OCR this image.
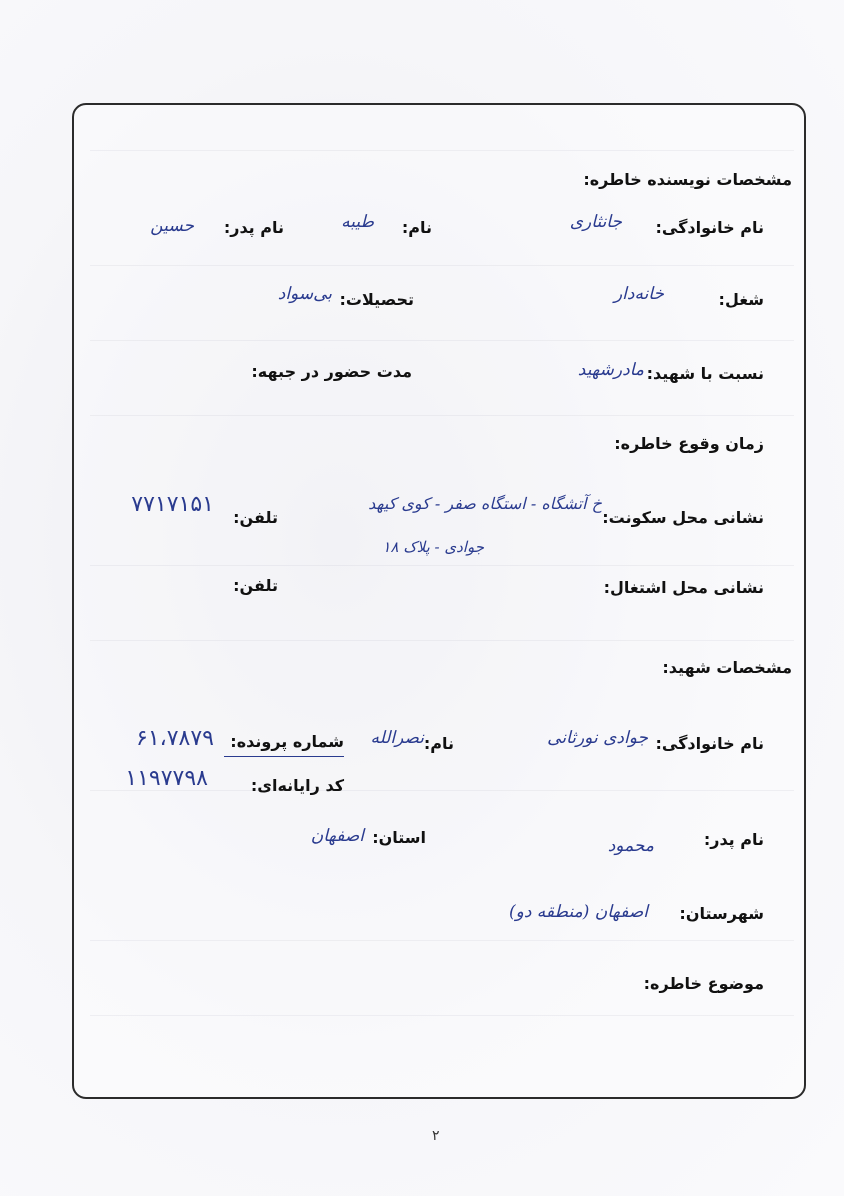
مشخصات نویسنده خاطره:
نام خانوادگی:
جانثاری
نام:
طیبه
نام پدر:
حسین
شغل:
خانه‌دار
تحصیلات:
بی‌سواد
نسبت با شهید:
مادرشهید
مدت حضور در جبهه:
زمان وقوع خاطره:
نشانی محل سکونت:
خ آتشگاه - استگاه صفر - کوی کیهد
جوادی - پلاک ۱۸
تلفن:
۷۷۱۷۱۵۱
نشانی محل اشتغال:
تلفن:
مشخصات شهید:
نام خانوادگی:
جوادی نورثانی
نام:
نصرالله
شماره پرونده:
۶۱،۷۸۷۹
کد رایانه‌ای:
۱۱۹۷۷۹۸
نام پدر:
محمود
استان:
اصفهان
شهرستان:
اصفهان (منطقه دو)
موضوع خاطره:
۲
